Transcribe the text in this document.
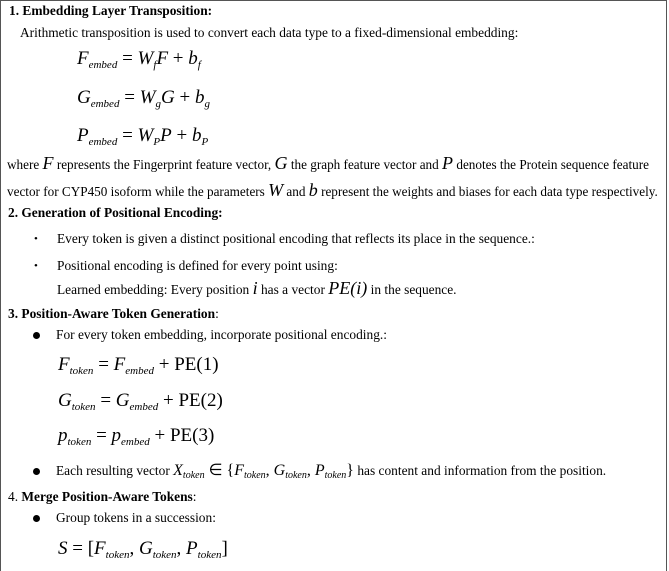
1. Embedding Layer Transposition:
Arithmetic transposition is used to convert each data type to a fixed-dimensional embedding:
$F_{embed} = W_fF + b_f$
$G_{embed} = W_gG + b_g$
$P_{embed} = W_PP + b_P$
where F represents the Fingerprint feature vector, G the graph feature vector and P denotes the Protein sequence feature
vector for CYP450 isoform while the parameters W and b represent the weights and biases for each data type respectively.
2. Generation of Positional Encoding:
• Every token is given a distinct positional encoding that reflects its place in the sequence.:
• Positional encoding is defined for every point using:
Learned embedding: Every position i has a vector PE(i) in the sequence.
3. Position-Aware Token Generation:
For every token embedding, incorporate positional encoding.:
$F_{token} = F_{embed} + PE(1)$
$G_{token} = G_{embed} + PE(2)$
$p_{token} = p_{embed} + PE(3)$
Each resulting vector Xtoken ∈ {Ftoken, Gtoken, Ptoken} has content and information from the position.
4. Merge Position-Aware Tokens:
Group tokens in a succession:
$S = [F_{token}$, $G_{token}$, $P_{token}$]
